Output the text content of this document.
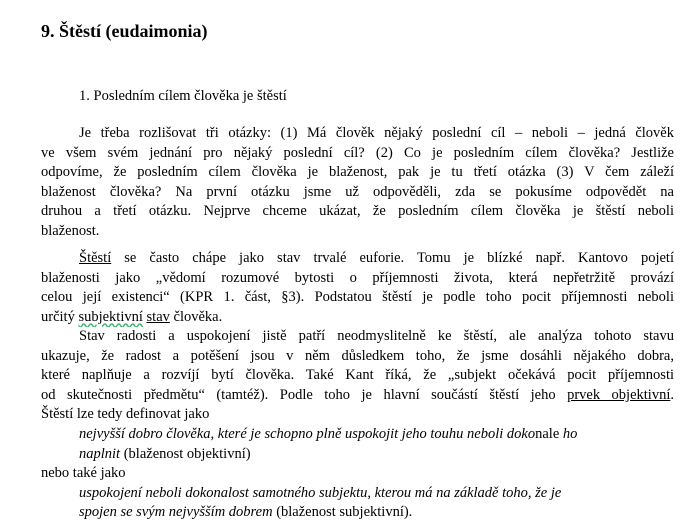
9. Štěstí (eudaimonia)
1. Posledním cílem člověka je štěstí
Je třeba rozlišovat tři otázky: (1) Má člověk nějaký poslední cíl – neboli – jedná člověk
ve všem svém jednání pro nějaký poslední cíl? (2) Co je posledním cílem člověka? Jestliže
odpovíme, že posledním cílem člověka je blaženost, pak je tu třetí otázka (3) V čem záleží
blaženost člověka? Na první otázku jsme už odpověděli, zda se pokusíme odpovědět na
druhou a třetí otázku. Nejprve chceme ukázat, že posledním cílem člověka je štěstí neboli
blaženost.
Štěstí se často chápe jako stav trvalé euforie. Tomu je blízké např. Kantovo pojetí
blaženosti jako „vědomí rozumové bytosti o příjemnosti života, která nepřetržitě provází
celou její existenci“ (KPR 1. část, §3). Podstatou štěstí je podle toho pocit příjemnosti neboli
určitý subjektivní stav člověka.
Stav radosti a uspokojení jistě patří neodmyslitelně ke štěstí, ale analýza tohoto stavu
ukazuje, že radost a potěšení jsou v něm důsledkem toho, že jsme dosáhli nějakého dobra,
které naplňuje a rozvíjí bytí člověka. Také Kant říká, že „subjekt očekává pocit příjemnosti
od skutečnosti předmětu“ (tamtéž). Podle toho je hlavní součástí štěstí jeho prvek objektivní.
Štěstí lze tedy definovat jako
nejvyšší dobro člověka, které je schopno plně uspokojit jeho touhu neboli dokonale ho
naplnit (blaženost objektivní)
nebo také jako
uspokojení neboli dokonalost samotného subjektu, kterou má na základě toho, že je
spojen se svým nejvyšším dobrem (blaženost subjektivní).
